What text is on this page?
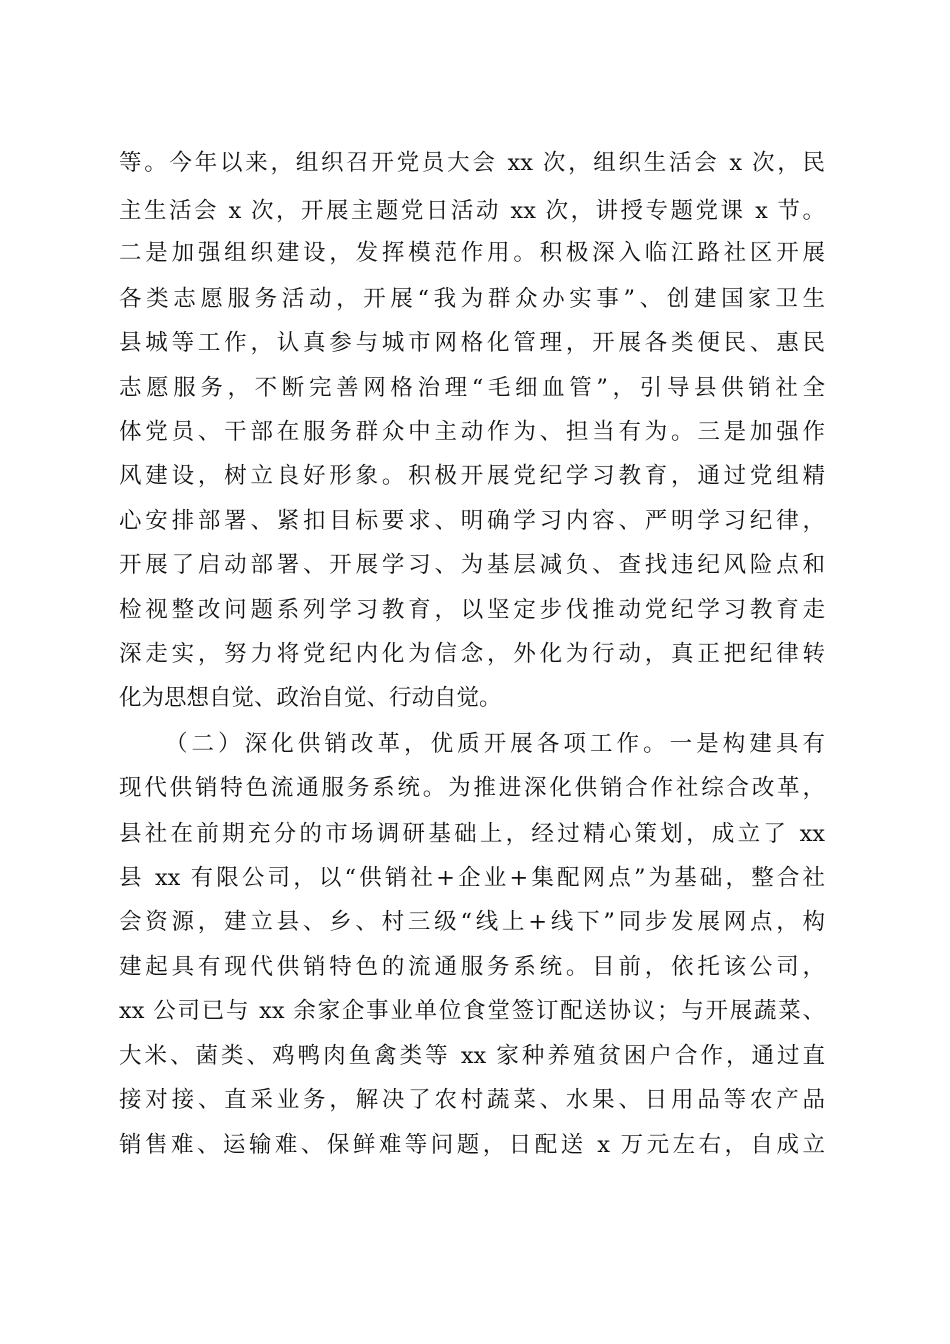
等。今年以来，组织召开党员大会 xx 次，组织生活会 x 次，民
主生活会 x 次，开展主题党日活动 xx 次，讲授专题党课 x 节。
二是加强组织建设，发挥模范作用。积极深入临江路社区开展
各类志愿服务活动，开展“我为群众办实事”、创建国家卫生
县城等工作，认真参与城市网格化管理，开展各类便民、惠民
志愿服务，不断完善网格治理“毛细血管”，引导县供销社全
体党员、干部在服务群众中主动作为、担当有为。三是加强作
风建设，树立良好形象。积极开展党纪学习教育，通过党组精
心安排部署、紧扣目标要求、明确学习内容、严明学习纪律，
开展了启动部署、开展学习、为基层减负、查找违纪风险点和
检视整改问题系列学习教育，以坚定步伐推动党纪学习教育走
深走实，努力将党纪内化为信念，外化为行动，真正把纪律转
化为思想自觉、政治自觉、行动自觉。
（二）深化供销改革，优质开展各项工作。一是构建具有
现代供销特色流通服务系统。为推进深化供销合作社综合改革，
县社在前期充分的市场调研基础上，经过精心策划，成立了 xx
县 xx 有限公司，以“供销社+企业+集配网点”为基础，整合社
会资源，建立县、乡、村三级“线上+线下”同步发展网点，构
建起具有现代供销特色的流通服务系统。目前，依托该公司，
xx 公司已与 xx 余家企事业单位食堂签订配送协议；与开展蔬菜、
大米、菌类、鸡鸭肉鱼禽类等 xx 家种养殖贫困户合作，通过直
接对接、直采业务，解决了农村蔬菜、水果、日用品等农产品
销售难、运输难、保鲜难等问题，日配送 x 万元左右，自成立
